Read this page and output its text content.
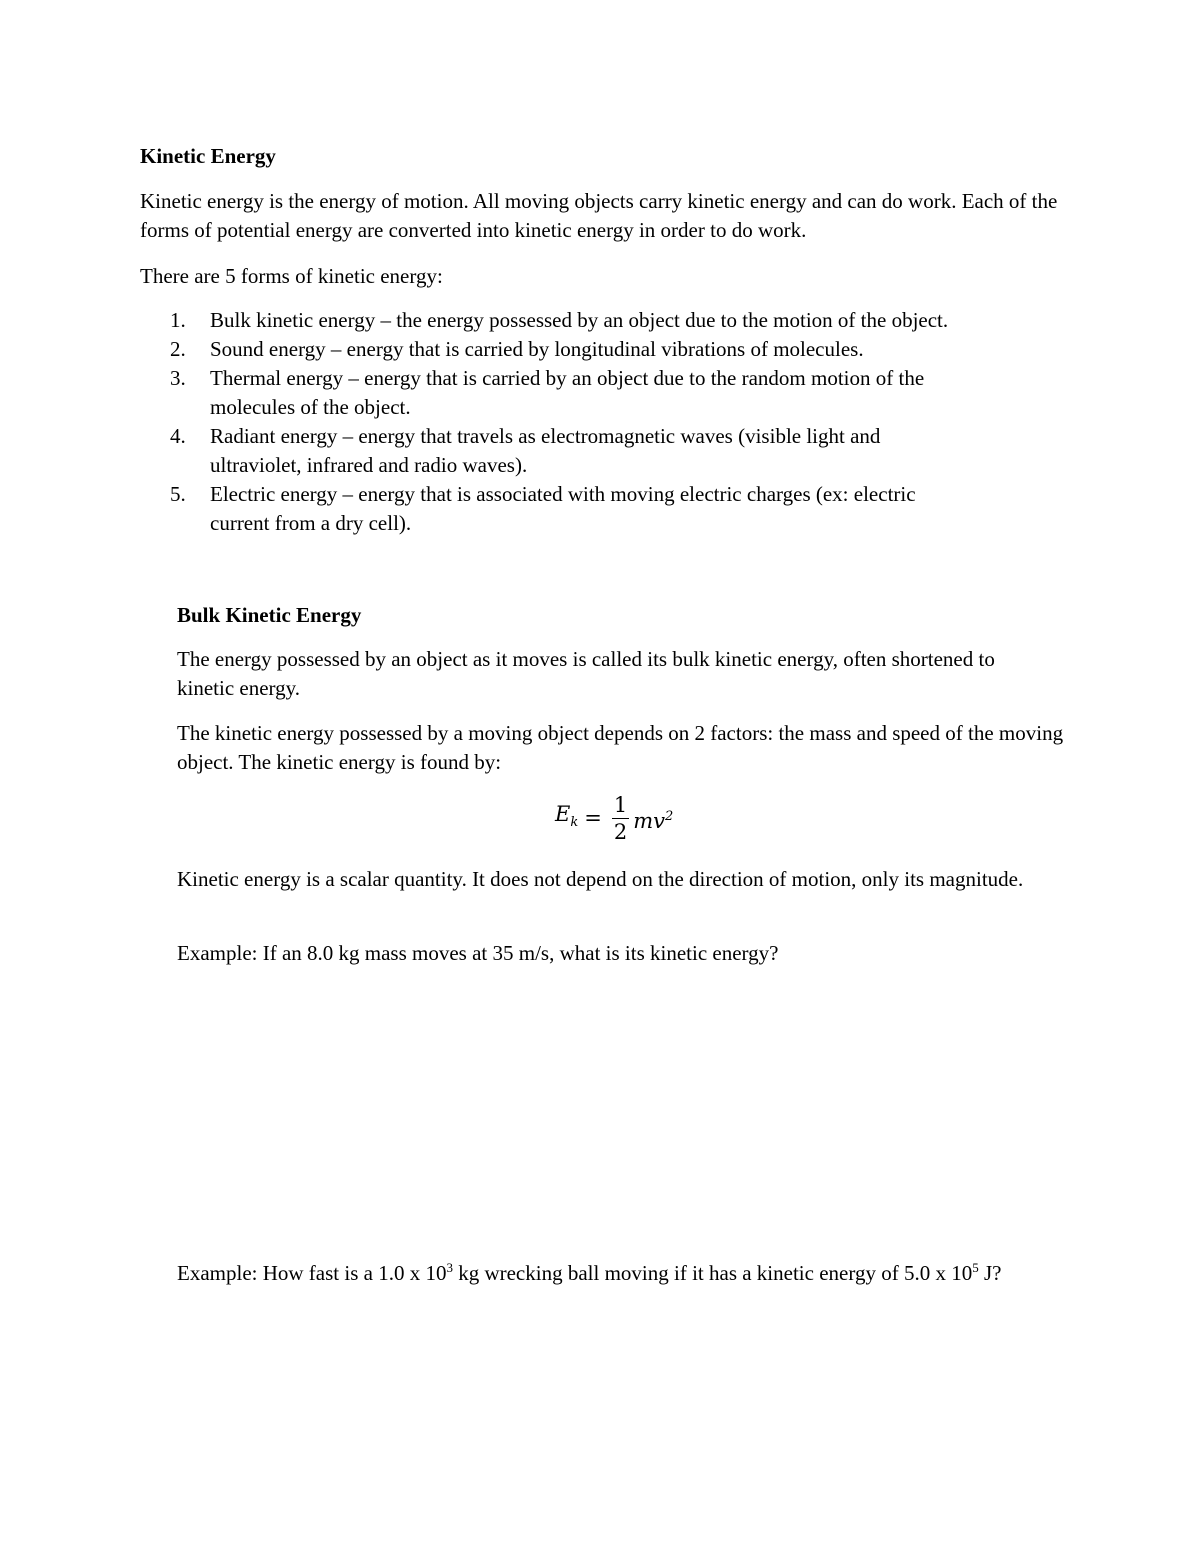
Kinetic Energy

Kinetic energy is the energy of motion. All moving objects carry kinetic energy and can do work. Each of the forms of potential energy are converted into kinetic energy in order to do work.

There are 5 forms of kinetic energy:

1.	Bulk kinetic energy – the energy possessed by an object due to the motion of the object.
2.	Sound energy – energy that is carried by longitudinal vibrations of molecules.
3.	Thermal energy – energy that is carried by an object due to the random motion of the molecules of the object.
4.	Radiant energy – energy that travels as electromagnetic waves (visible light and ultraviolet, infrared and radio waves).
5.	Electric energy – energy that is associated with moving electric charges (ex: electric current from a dry cell).
Bulk Kinetic Energy

The energy possessed by an object as it moves is called its bulk kinetic energy, often shortened to kinetic energy.

The kinetic energy possessed by a moving object depends on 2 factors: the mass and speed of the moving object. The kinetic energy is found by:

$E_k = \frac{1}{2} mv^2$

Kinetic energy is a scalar quantity. It does not depend on the direction of motion, only its magnitude.

Example: If an 8.0 kg mass moves at 35 m/s, what is its kinetic energy?

Example: How fast is a 1.0 x $10^3$ kg wrecking ball moving if it has a kinetic energy of 5.0 x $10^5$ J?
